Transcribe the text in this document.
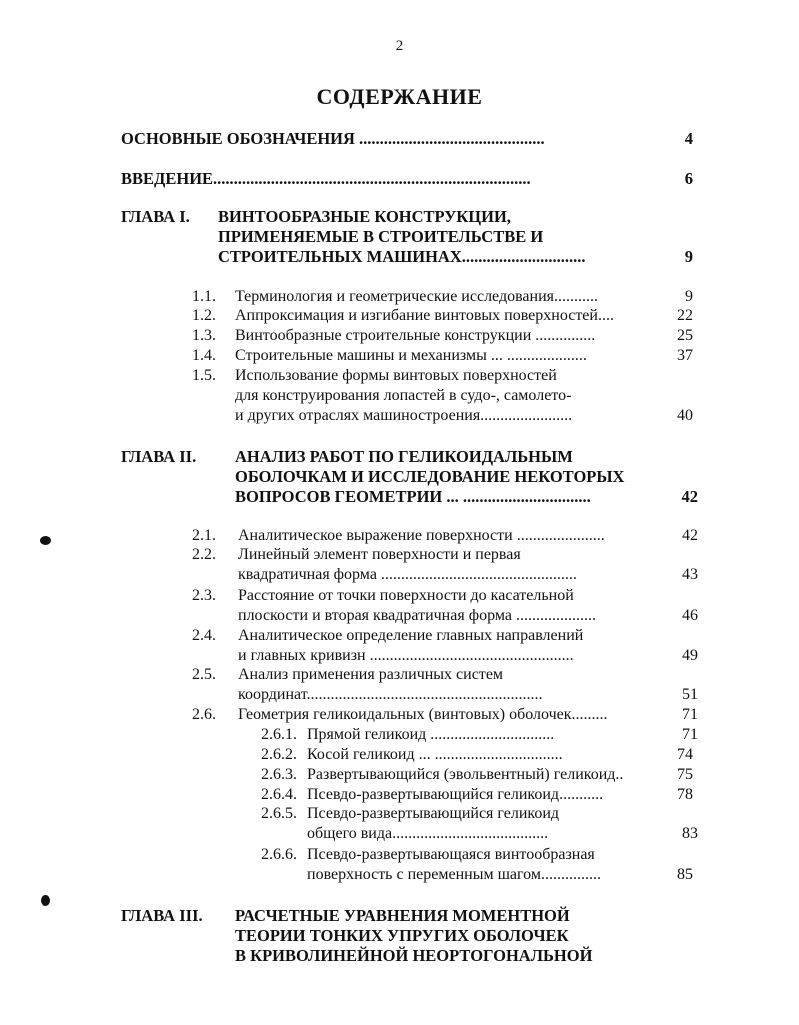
2
СОДЕРЖАНИЕ
ОСНОВНЫЕ ОБОЗНАЧЕНИЯ .............................................	4
ВВЕДЕНИЕ.............................................................................	6
ГЛАВА I. ВИНТООБРАЗНЫЕ КОНСТРУКЦИИ,
ПРИМЕНЯЕМЫЕ В СТРОИТЕЛЬСТВЕ И
СТРОИТЕЛЬНЫХ МАШИНАХ..............................	9
1.1. Терминология и геометрические исследования...........	9
1.2. Аппроксимация и изгибание винтовых поверхностей....	22
1.3. Винтообразные строительные конструкции ...............	25
1.4. Строительные машины и механизмы ... ....................	37
1.5. Использование формы винтовых поверхностей
для конструирования лопастей в судо-, самолето-
и других отраслях машиностроения.......................	40
ГЛАВА II. АНАЛИЗ РАБОТ ПО ГЕЛИКОИДАЛЬНЫМ
ОБОЛОЧКАМ И ИССЛЕДОВАНИЕ НЕКОТОРЫХ
ВОПРОСОВ ГЕОМЕТРИИ ... ...............................	42
2.1. Аналитическое выражение поверхности ......................	42
2.2. Линейный элемент поверхности и первая
квадратичная форма .................................................	43
2.3. Расстояние от точки поверхности до касательной
плоскости и вторая квадратичная форма ....................	46
2.4. Аналитическое определение главных направлений
и главных кривизн ...................................................	49
2.5. Анализ применения различных систем
координат...........................................................	51
2.6. Геометрия геликоидальных (винтовых) оболочек.........	71
2.6.1. Прямой геликоид ...............................	71
2.6.2. Косой геликоид ... ................................	74
2.6.3. Развертывающийся (эвольвентный) геликоид..	75
2.6.4. Псевдо-развертывающийся геликоид...........	78
2.6.5. Псевдо-развертывающийся геликоид
общего вида.......................................	83
2.6.6. Псевдо-развертывающаяся винтообразная
поверхность с переменным шагом...............	85
ГЛАВА III. РАСЧЕТНЫЕ УРАВНЕНИЯ МОМЕНТНОЙ
ТЕОРИИ ТОНКИХ УПРУГИХ ОБОЛОЧЕК
В КРИВОЛИНЕЙНОЙ НЕОРТОГОНАЛЬНОЙ
